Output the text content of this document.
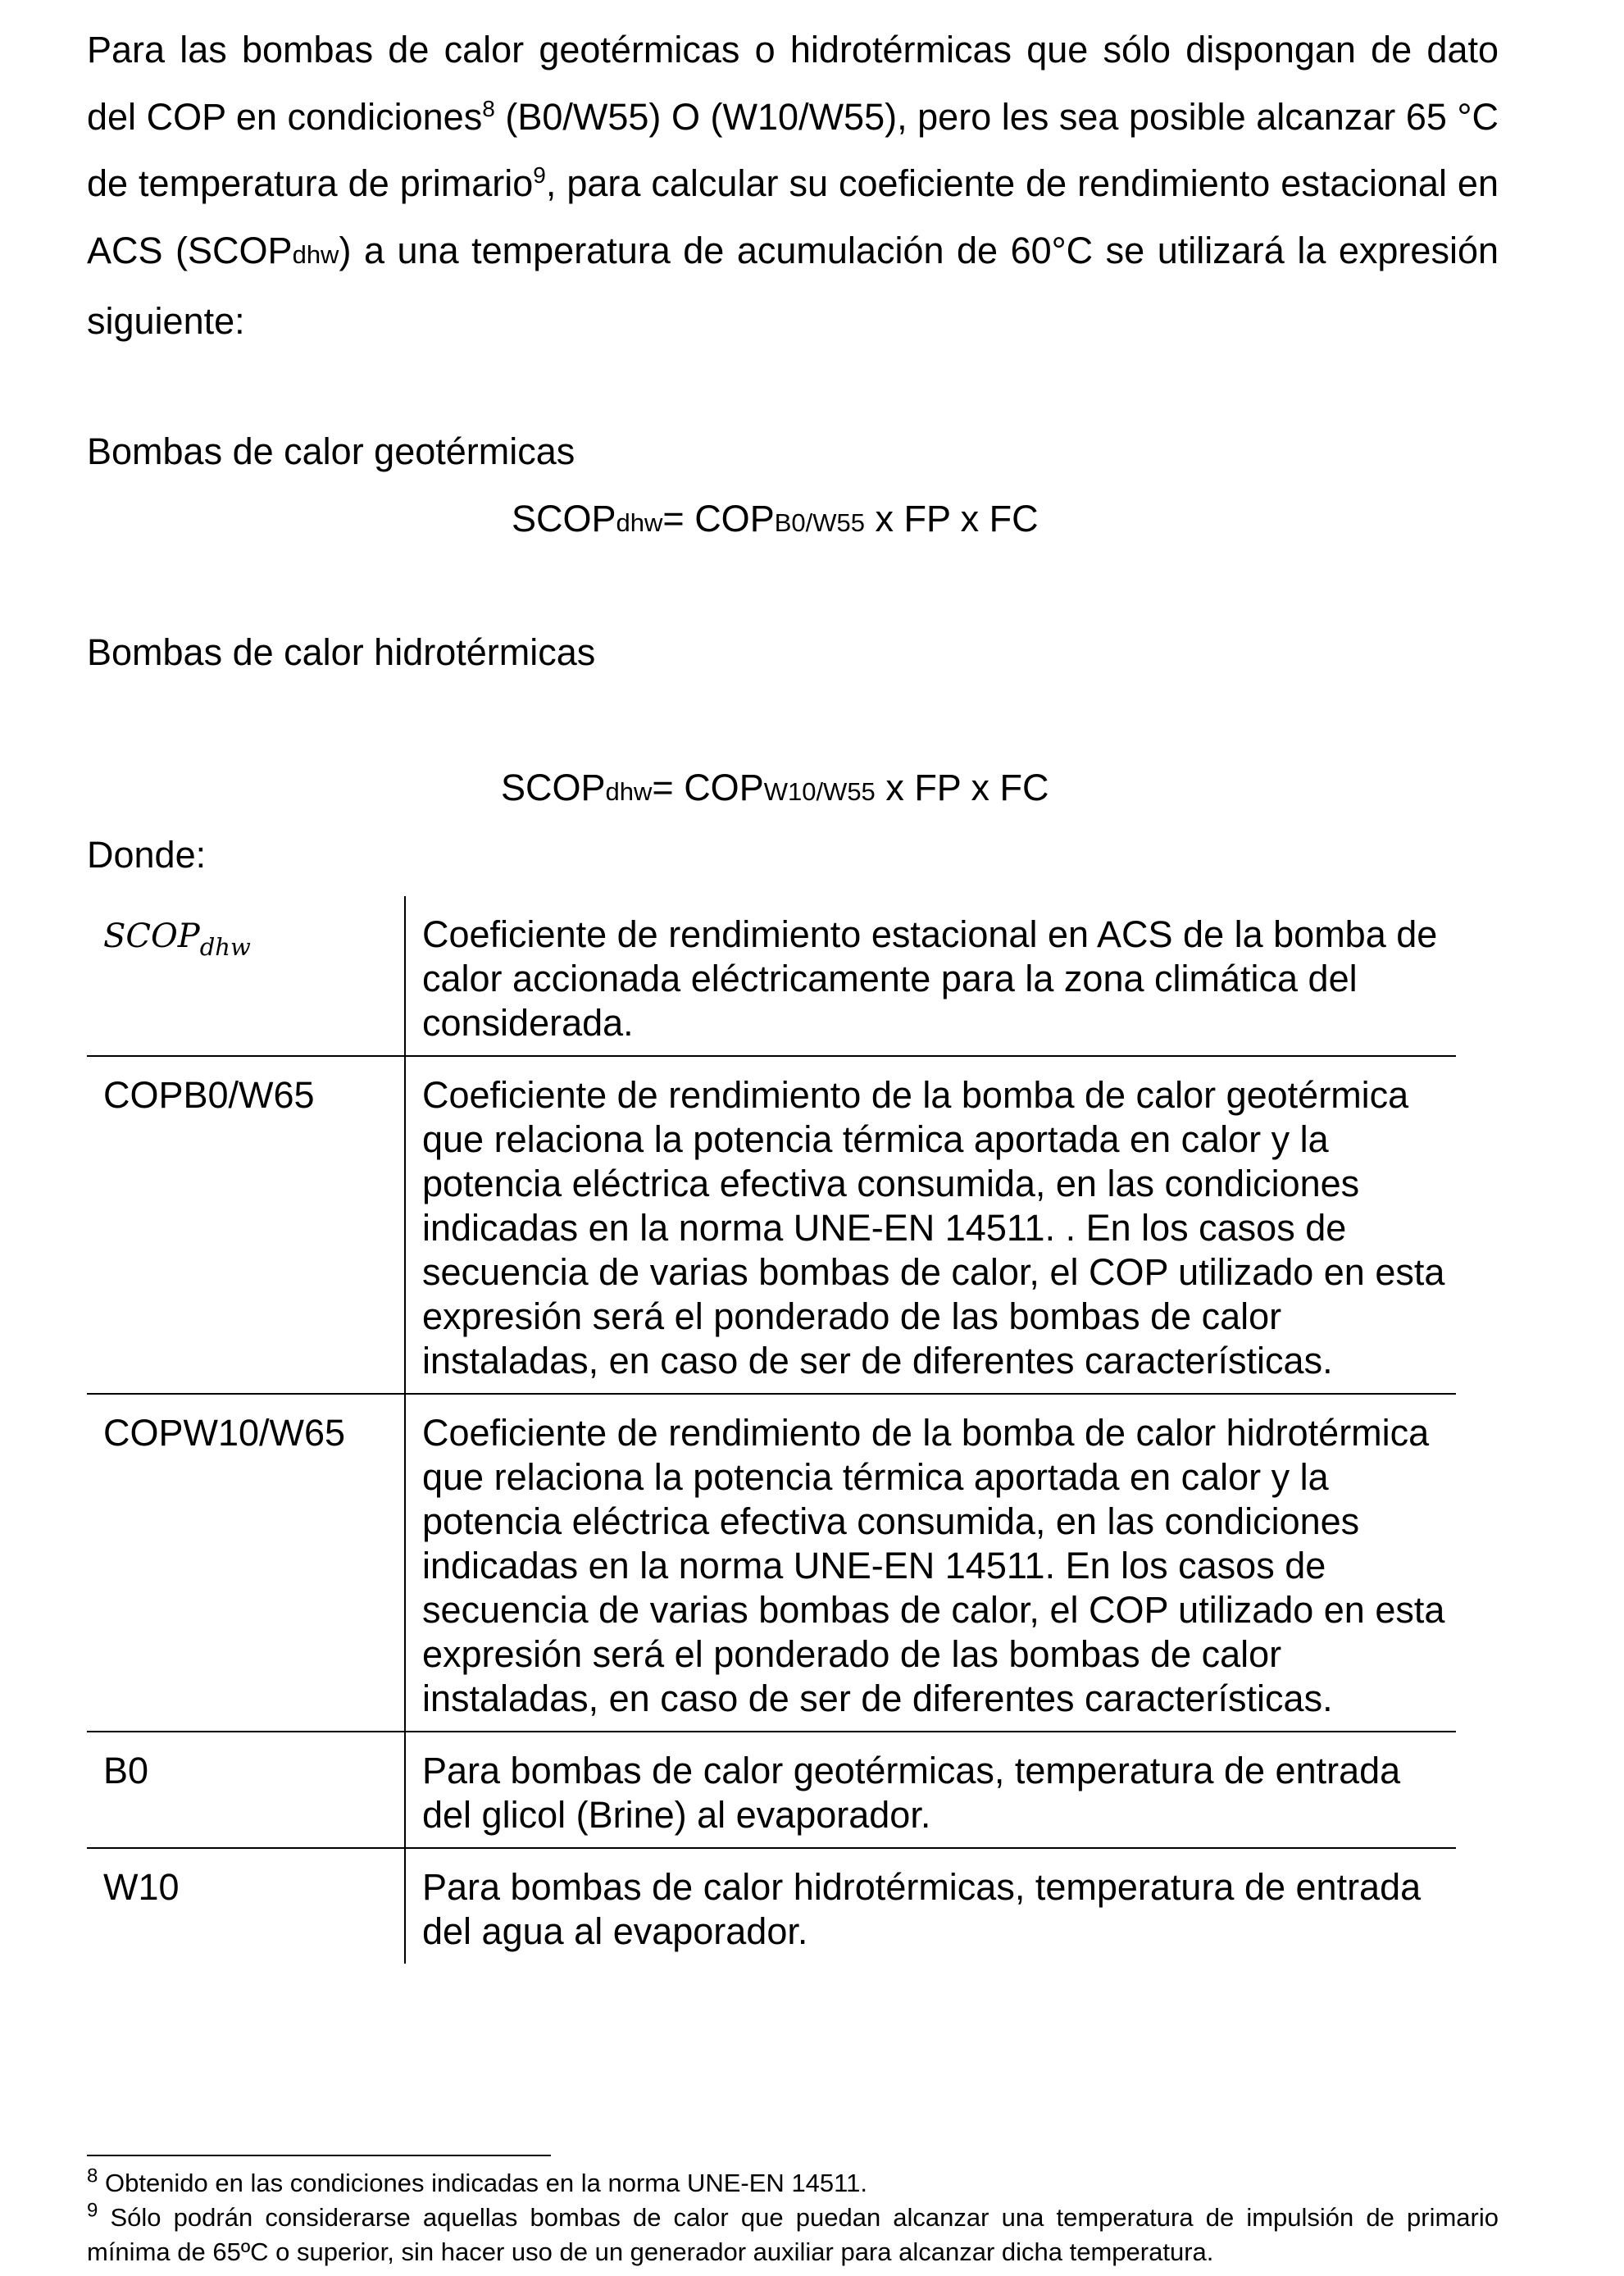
Para las bombas de calor geotérmicas o hidrotérmicas que sólo dispongan de dato del COP en condiciones$^8$ (B0/W55) O (W10/W55), pero les sea posible alcanzar 65 °C de temperatura de primario$^9$, para calcular su coeficiente de rendimiento estacional en ACS (SCOPdhw) a una temperatura de acumulación de 60°C se utilizará la expresión siguiente:

Bombas de calor geotérmicas

SCOPdhw= COPB0/W55 x FP x FC

Bombas de calor hidrotérmicas

SCOPdhw= COPW10/W55 x FP x FC

Donde:

$SCOP_{dhw}$	Coeficiente de rendimiento estacional en ACS de la bomba de calor accionada eléctricamente para la zona climática del considerada.
COPB0/W65	Coeficiente de rendimiento de la bomba de calor geotérmica que relaciona la potencia térmica aportada en calor y la potencia eléctrica efectiva consumida, en las condiciones indicadas en la norma UNE-EN 14511. . En los casos de secuencia de varias bombas de calor, el COP utilizado en esta expresión será el ponderado de las bombas de calor instaladas, en caso de ser de diferentes características.
COPW10/W65	Coeficiente de rendimiento de la bomba de calor hidrotérmica que relaciona la potencia térmica aportada en calor y la potencia eléctrica efectiva consumida, en las condiciones indicadas en la norma UNE-EN 14511. En los casos de secuencia de varias bombas de calor, el COP utilizado en esta expresión será el ponderado de las bombas de calor instaladas, en caso de ser de diferentes características.
B0	Para bombas de calor geotérmicas, temperatura de entrada del glicol (Brine) al evaporador.
W10	Para bombas de calor hidrotérmicas, temperatura de entrada del agua al evaporador.

$^8$ Obtenido en las condiciones indicadas en la norma UNE-EN 14511.

$^9$ Sólo podrán considerarse aquellas bombas de calor que puedan alcanzar una temperatura de impulsión de primario mínima de 65ºC o superior, sin hacer uso de un generador auxiliar para alcanzar dicha temperatura.
